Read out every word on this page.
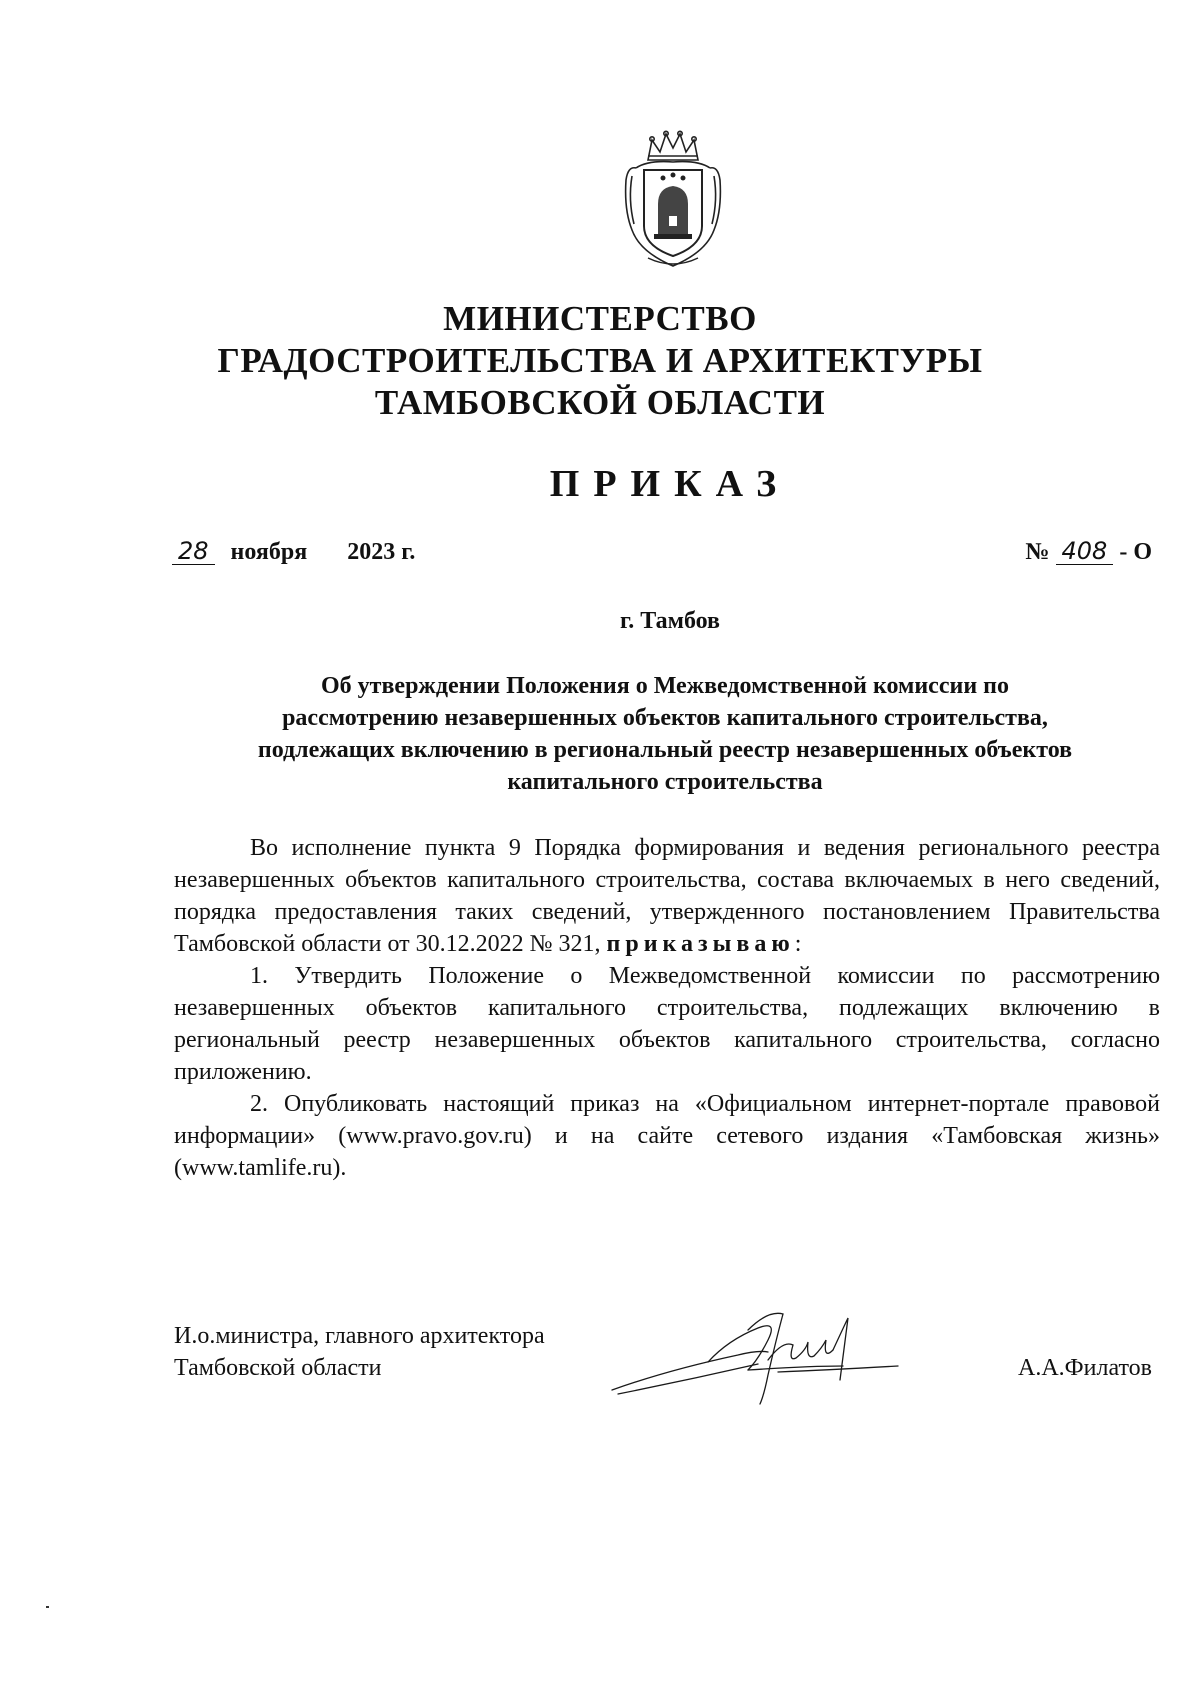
МИНИСТЕРСТВО
ГРАДОСТРОИТЕЛЬСТВА И АРХИТЕКТУРЫ
ТАМБОВСКОЙ ОБЛАСТИ
ПРИКАЗ
28 ноября 2023 г.	№ 408 - О
г. Тамбов
Об утверждении Положения о Межведомственной комиссии по
рассмотрению незавершенных объектов капитального строительства,
подлежащих включению в региональный реестр незавершенных объектов
капитального строительства

Во исполнение пункта 9 Порядка формирования и ведения регионального реестра незавершенных объектов капитального строительства, состава включаемых в него сведений, порядка предоставления таких сведений, утвержденного постановлением Правительства Тамбовской области от 30.12.2022 № 321, приказываю:

1. Утвердить Положение о Межведомственной комиссии по рассмотрению незавершенных объектов капитального строительства, подлежащих включению в региональный реестр незавершенных объектов капитального строительства, согласно приложению.

2. Опубликовать настоящий приказ на «Официальном интернет-портале правовой информации» (www.pravo.gov.ru) и на сайте сетевого издания «Тамбовская жизнь» (www.tamlife.ru).

И.о.министра, главного архитектора
Тамбовской области	А.А.Филатов
